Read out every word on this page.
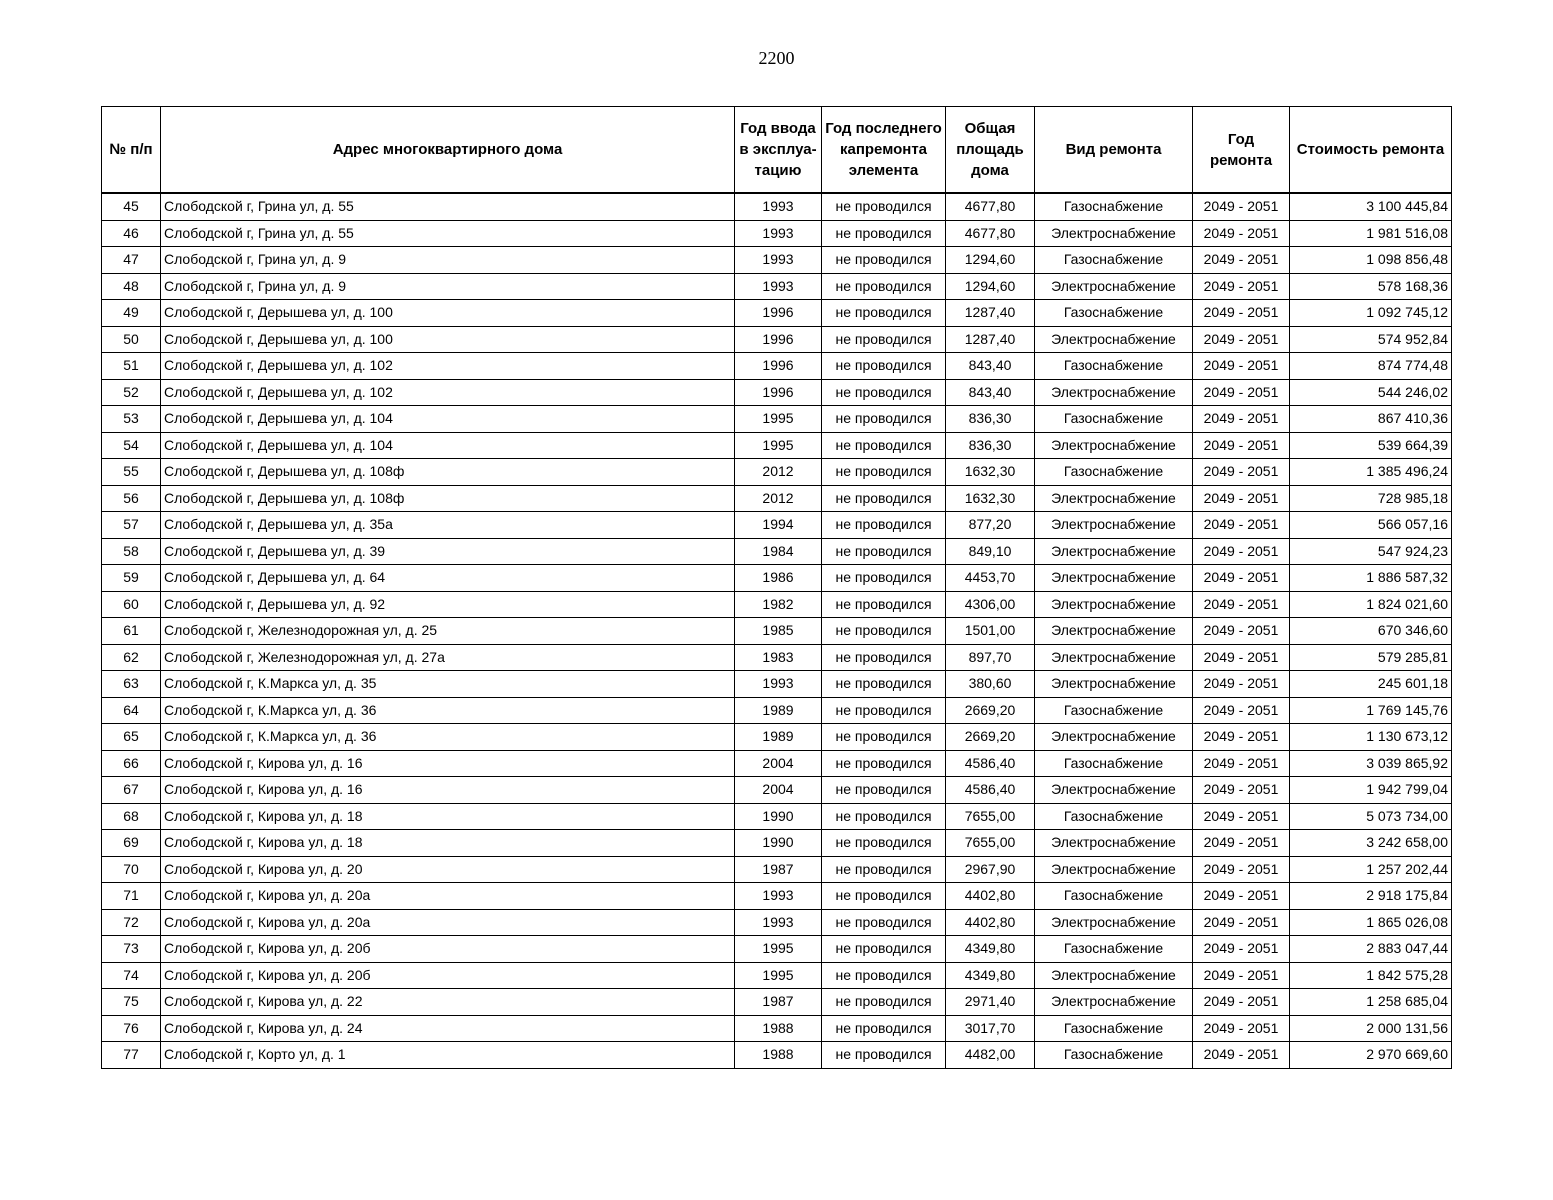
2200
№ п/п	Адрес многоквартирного дома	Год ввода в эксплуа-тацию	Год последнего капремонта элемента	Общая площадь дома	Вид ремонта	Год ремонта	Стоимость ремонта
45	Слободской г, Грина ул, д. 55	1993	не проводился	4677,80	Газоснабжение	2049 - 2051	3 100 445,84
46	Слободской г, Грина ул, д. 55	1993	не проводился	4677,80	Электроснабжение	2049 - 2051	1 981 516,08
47	Слободской г, Грина ул, д. 9	1993	не проводился	1294,60	Газоснабжение	2049 - 2051	1 098 856,48
48	Слободской г, Грина ул, д. 9	1993	не проводился	1294,60	Электроснабжение	2049 - 2051	578 168,36
49	Слободской г, Дерышева ул, д. 100	1996	не проводился	1287,40	Газоснабжение	2049 - 2051	1 092 745,12
50	Слободской г, Дерышева ул, д. 100	1996	не проводился	1287,40	Электроснабжение	2049 - 2051	574 952,84
51	Слободской г, Дерышева ул, д. 102	1996	не проводился	843,40	Газоснабжение	2049 - 2051	874 774,48
52	Слободской г, Дерышева ул, д. 102	1996	не проводился	843,40	Электроснабжение	2049 - 2051	544 246,02
53	Слободской г, Дерышева ул, д. 104	1995	не проводился	836,30	Газоснабжение	2049 - 2051	867 410,36
54	Слободской г, Дерышева ул, д. 104	1995	не проводился	836,30	Электроснабжение	2049 - 2051	539 664,39
55	Слободской г, Дерышева ул, д. 108ф	2012	не проводился	1632,30	Газоснабжение	2049 - 2051	1 385 496,24
56	Слободской г, Дерышева ул, д. 108ф	2012	не проводился	1632,30	Электроснабжение	2049 - 2051	728 985,18
57	Слободской г, Дерышева ул, д. 35а	1994	не проводился	877,20	Электроснабжение	2049 - 2051	566 057,16
58	Слободской г, Дерышева ул, д. 39	1984	не проводился	849,10	Электроснабжение	2049 - 2051	547 924,23
59	Слободской г, Дерышева ул, д. 64	1986	не проводился	4453,70	Электроснабжение	2049 - 2051	1 886 587,32
60	Слободской г, Дерышева ул, д. 92	1982	не проводился	4306,00	Электроснабжение	2049 - 2051	1 824 021,60
61	Слободской г, Железнодорожная ул, д. 25	1985	не проводился	1501,00	Электроснабжение	2049 - 2051	670 346,60
62	Слободской г, Железнодорожная ул, д. 27а	1983	не проводился	897,70	Электроснабжение	2049 - 2051	579 285,81
63	Слободской г, К.Маркса ул, д. 35	1993	не проводился	380,60	Электроснабжение	2049 - 2051	245 601,18
64	Слободской г, К.Маркса ул, д. 36	1989	не проводился	2669,20	Газоснабжение	2049 - 2051	1 769 145,76
65	Слободской г, К.Маркса ул, д. 36	1989	не проводился	2669,20	Электроснабжение	2049 - 2051	1 130 673,12
66	Слободской г, Кирова ул, д. 16	2004	не проводился	4586,40	Газоснабжение	2049 - 2051	3 039 865,92
67	Слободской г, Кирова ул, д. 16	2004	не проводился	4586,40	Электроснабжение	2049 - 2051	1 942 799,04
68	Слободской г, Кирова ул, д. 18	1990	не проводился	7655,00	Газоснабжение	2049 - 2051	5 073 734,00
69	Слободской г, Кирова ул, д. 18	1990	не проводился	7655,00	Электроснабжение	2049 - 2051	3 242 658,00
70	Слободской г, Кирова ул, д. 20	1987	не проводился	2967,90	Электроснабжение	2049 - 2051	1 257 202,44
71	Слободской г, Кирова ул, д. 20а	1993	не проводился	4402,80	Газоснабжение	2049 - 2051	2 918 175,84
72	Слободской г, Кирова ул, д. 20а	1993	не проводился	4402,80	Электроснабжение	2049 - 2051	1 865 026,08
73	Слободской г, Кирова ул, д. 20б	1995	не проводился	4349,80	Газоснабжение	2049 - 2051	2 883 047,44
74	Слободской г, Кирова ул, д. 20б	1995	не проводился	4349,80	Электроснабжение	2049 - 2051	1 842 575,28
75	Слободской г, Кирова ул, д. 22	1987	не проводился	2971,40	Электроснабжение	2049 - 2051	1 258 685,04
76	Слободской г, Кирова ул, д. 24	1988	не проводился	3017,70	Газоснабжение	2049 - 2051	2 000 131,56
77	Слободской г, Корто ул, д. 1	1988	не проводился	4482,00	Газоснабжение	2049 - 2051	2 970 669,60
